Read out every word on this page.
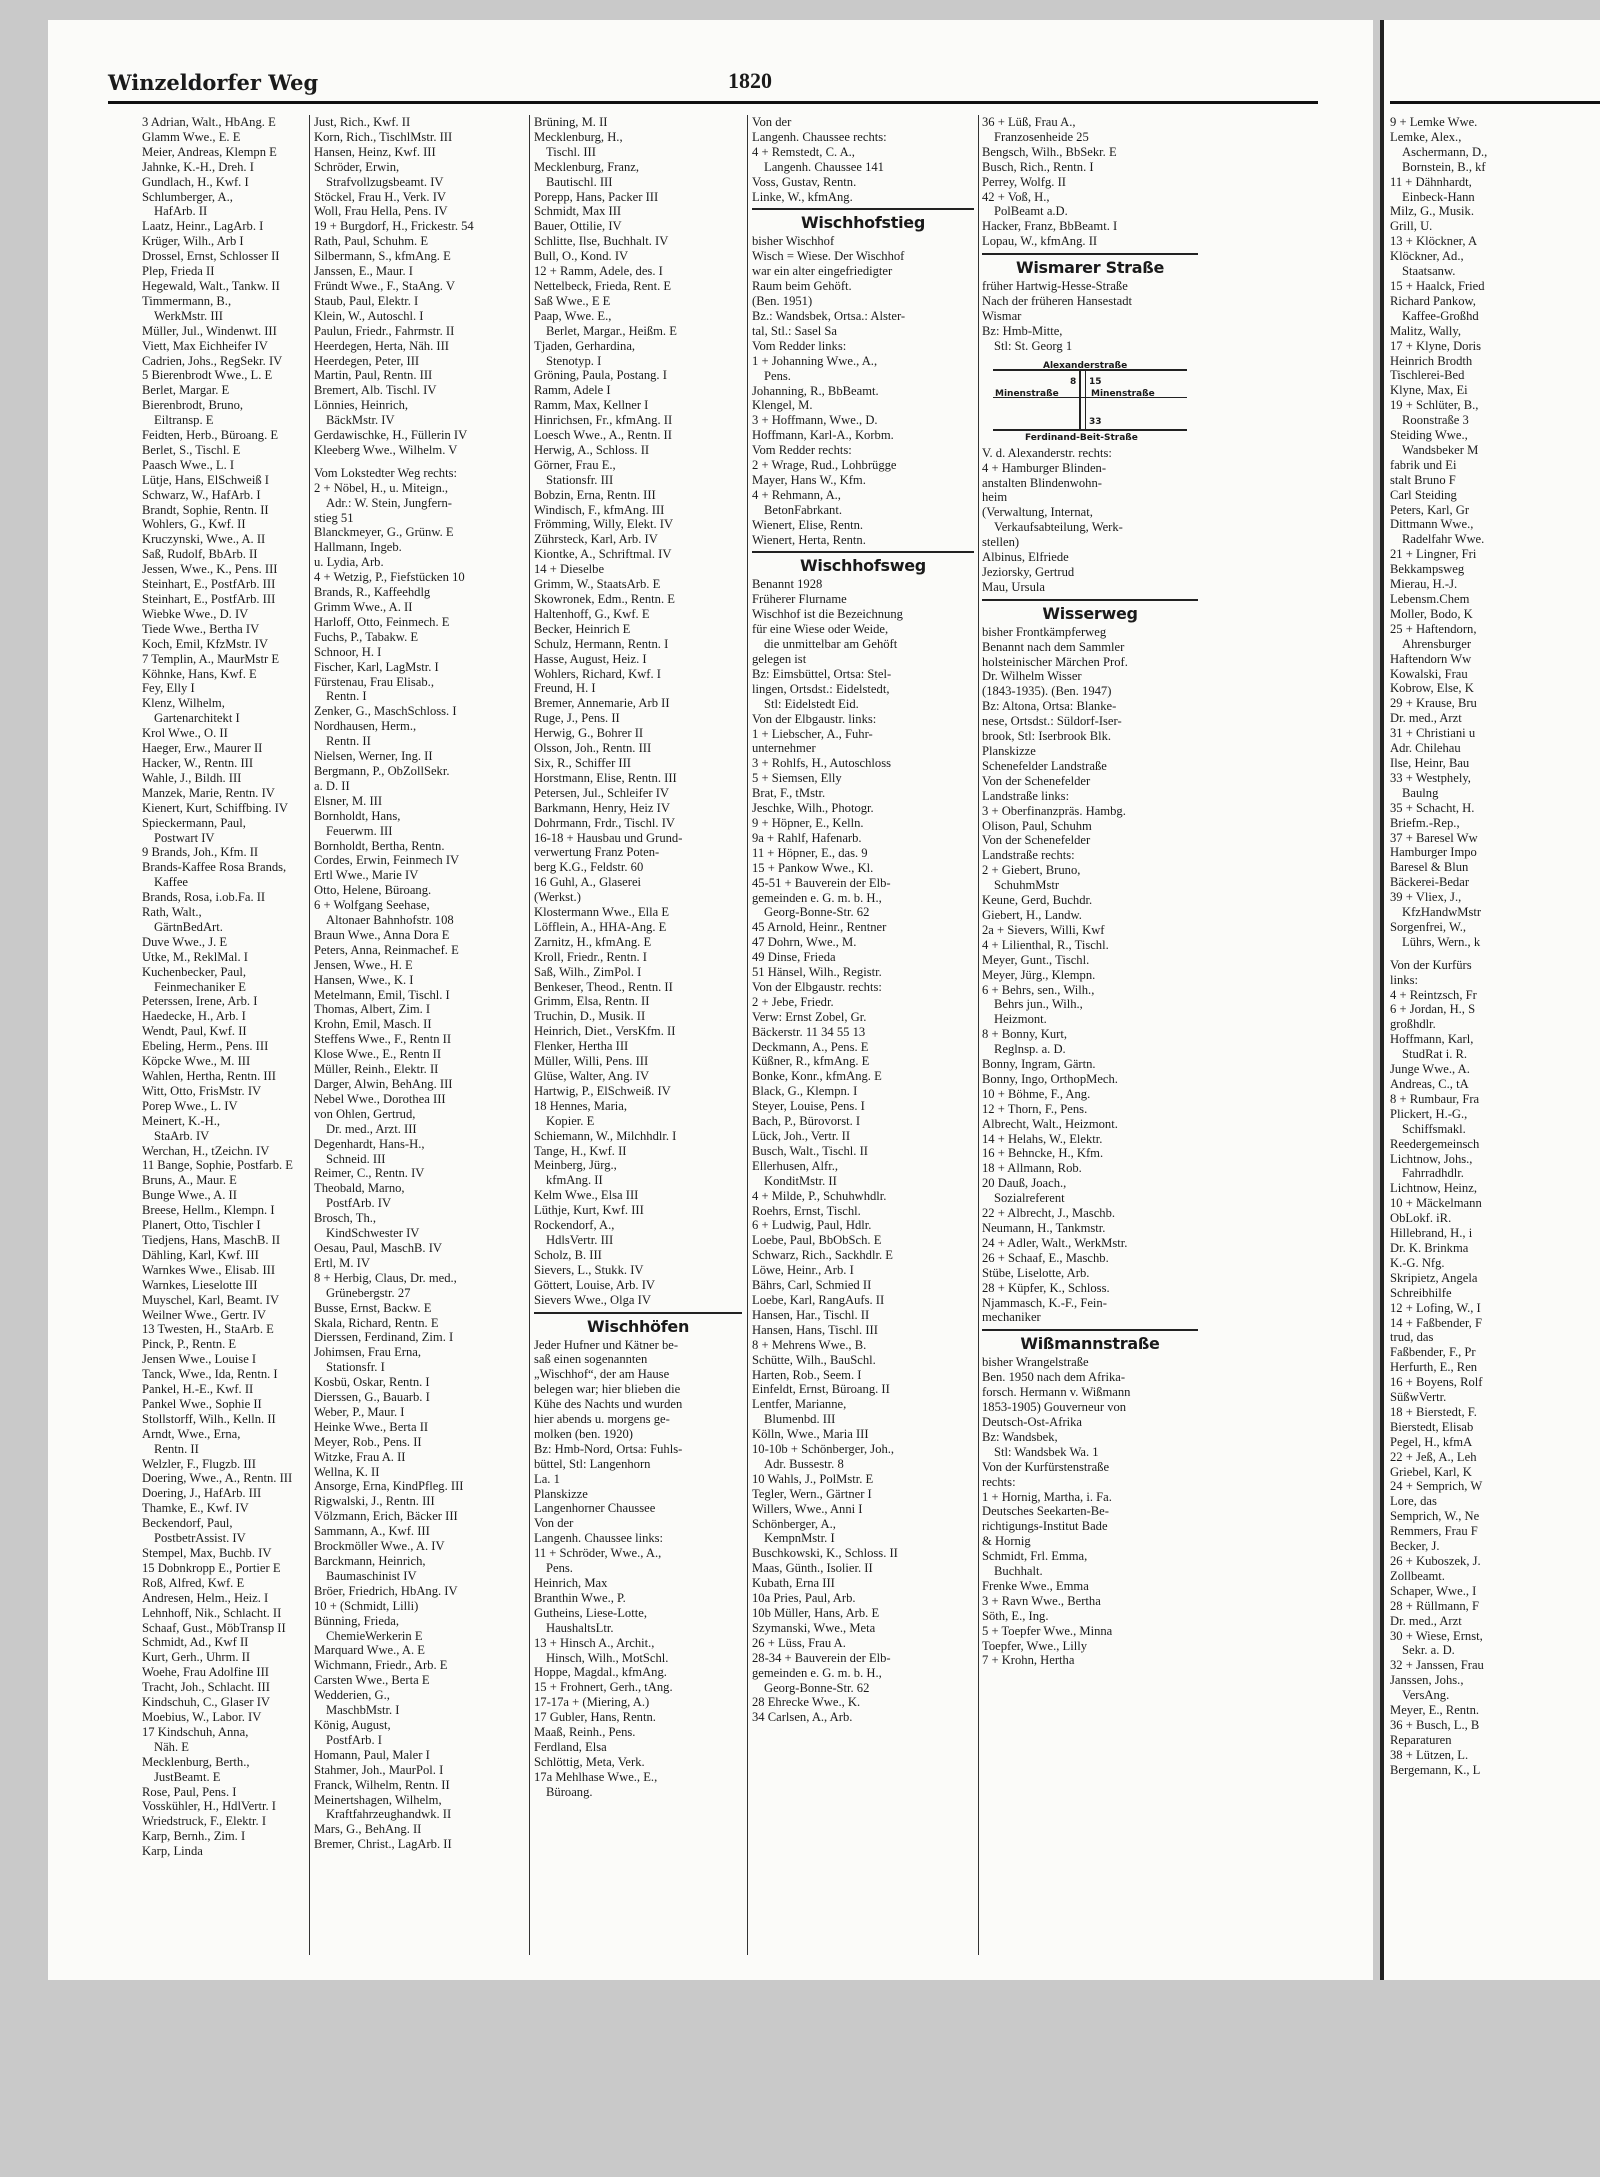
Winzeldorfer Weg	1820
3 Adrian, Walt., HbAng. E
Glamm Wwe., E. E
Meier, Andreas, Klempn E
Jahnke, K.-H., Dreh. I
Gundlach, H., Kwf. I
Schlumberger, A.,
HafArb. II
Laatz, Heinr., LagArb. I
Krüger, Wilh., Arb I
Drossel, Ernst, Schlosser II
Plep, Frieda II
Hegewald, Walt., Tankw. II
Timmermann, B.,
WerkMstr. III
Müller, Jul., Windenwt. III
Viett, Max Eichheifer IV
Cadrien, Johs., RegSekr. IV
5 Bierenbrodt Wwe., L. E
Berlet, Margar. E
Bierenbrodt, Bruno,
Eiltransp. E
Feidten, Herb., Büroang. E
Berlet, S., Tischl. E
Paasch Wwe., L. I
Lütje, Hans, ElSchweiß I
Schwarz, W., HafArb. I
Brandt, Sophie, Rentn. II
Wohlers, G., Kwf. II
Kruczynski, Wwe., A. II
Saß, Rudolf, BbArb. II
Jessen, Wwe., K., Pens. III
Steinhart, E., PostfArb. III
Steinhart, E., PostfArb. III
Wiebke Wwe., D. IV
Tiede Wwe., Bertha IV
Koch, Emil, KfzMstr. IV
7 Templin, A., MaurMstr E
Köhnke, Hans, Kwf. E
Fey, Elly I
Klenz, Wilhelm,
Gartenarchitekt I
Krol Wwe., O. II
Haeger, Erw., Maurer II
Hacker, W., Rentn. III
Wahle, J., Bildh. III
Manzek, Marie, Rentn. IV
Kienert, Kurt, Schiffbing. IV
Spieckermann, Paul,
Postwart IV
9 Brands, Joh., Kfm. II
Brands-Kaffee Rosa Brands,
Kaffee
Brands, Rosa, i.ob.Fa. II
Rath, Walt.,
GärtnBedArt.
Duve Wwe., J. E
Utke, M., ReklMal. I
Kuchenbecker, Paul,
Feinmechaniker E
Peterssen, Irene, Arb. I
Haedecke, H., Arb. I
Wendt, Paul, Kwf. II
Ebeling, Herm., Pens. III
Köpcke Wwe., M. III
Wahlen, Hertha, Rentn. III
Witt, Otto, FrisMstr. IV
Porep Wwe., L. IV
Meinert, K.-H.,
StaArb. IV
Werchan, H., tZeichn. IV
11 Bange, Sophie, Postfarb. E
Bruns, A., Maur. E
Bunge Wwe., A. II
Breese, Hellm., Klempn. I
Planert, Otto, Tischler I
Tiedjens, Hans, MaschB. II
Dähling, Karl, Kwf. III
Warnkes Wwe., Elisab. III
Warnkes, Lieselotte III
Muyschel, Karl, Beamt. IV
Weilner Wwe., Gertr. IV
13 Twesten, H., StaArb. E
Pinck, P., Rentn. E
Jensen Wwe., Louise I
Tanck, Wwe., Ida, Rentn. I
Pankel, H.-E., Kwf. II
Pankel Wwe., Sophie II
Stollstorff, Wilh., Kelln. II
Arndt, Wwe., Erna,
Rentn. II
Welzler, F., Flugzb. III
Doering, Wwe., A., Rentn. III
Doering, J., HafArb. III
Thamke, E., Kwf. IV
Beckendorf, Paul,
PostbetrAssist. IV
Stempel, Max, Buchb. IV
15 Dobnkropp E., Portier E
Roß, Alfred, Kwf. E
Andresen, Helm., Heiz. I
Lehnhoff, Nik., Schlacht. II
Schaaf, Gust., MöbTransp II
Schmidt, Ad., Kwf II
Kurt, Gerh., Uhrm. II
Woehe, Frau Adolfine III
Tracht, Joh., Schlacht. III
Kindschuh, C., Glaser IV
Moebius, W., Labor. IV
17 Kindschuh, Anna,
Näh. E
Mecklenburg, Berth.,
JustBeamt. E
Rose, Paul, Pens. I
Vosskühler, H., HdlVertr. I
Wriedstruck, F., Elektr. I
Karp, Bernh., Zim. I
Karp, Linda
Just, Rich., Kwf. II
Korn, Rich., TischlMstr. III
Hansen, Heinz, Kwf. III
Schröder, Erwin,
Strafvollzugsbeamt. IV
Stöckel, Frau H., Verk. IV
Woll, Frau Hella, Pens. IV
19 + Burgdorf, H., Frickestr. 54
Rath, Paul, Schuhm. E
Silbermann, S., kfmAng. E
Janssen, E., Maur. I
Fründt Wwe., F., StaAng. V
Staub, Paul, Elektr. I
Klein, W., Autoschl. I
Paulun, Friedr., Fahrmstr. II
Heerdegen, Herta, Näh. III
Heerdegen, Peter, III
Martin, Paul, Rentn. III
Bremert, Alb. Tischl. IV
Lönnies, Heinrich,
BäckMstr. IV
Gerdawischke, H., Füllerin IV
Kleeberg Wwe., Wilhelm. V
Vom Lokstedter Weg rechts:
2 + Nöbel, H., u. Miteign.,
Adr.: W. Stein, Jungfern-
stieg 51
Blanckmeyer, G., Grünw. E
Hallmann, Ingeb.
u. Lydia, Arb.
4 + Wetzig, P., Fiefstücken 10
Brands, R., Kaffeehdlg
Grimm Wwe., A. II
Harloff, Otto, Feinmech. E
Fuchs, P., Tabakw. E
Schnoor, H. I
Fischer, Karl, LagMstr. I
Fürstenau, Frau Elisab.,
Rentn. I
Zenker, G., MaschSchloss. I
Nordhausen, Herm.,
Rentn. II
Nielsen, Werner, Ing. II
Bergmann, P., ObZollSekr.
a. D. II
Elsner, M. III
Bornholdt, Hans,
Feuerwm. III
Bornholdt, Bertha, Rentn.
Cordes, Erwin, Feinmech IV
Ertl Wwe., Marie IV
Otto, Helene, Büroang.
6 + Wolfgang Seehase,
Altonaer Bahnhofstr. 108
Braun Wwe., Anna Dora E
Peters, Anna, Reinmachef. E
Jensen, Wwe., H. E
Hansen, Wwe., K. I
Metelmann, Emil, Tischl. I
Thomas, Albert, Zim. I
Krohn, Emil, Masch. II
Steffens Wwe., F., Rentn II
Klose Wwe., E., Rentn II
Müller, Reinh., Elektr. II
Darger, Alwin, BehAng. III
Nebel Wwe., Dorothea III
von Ohlen, Gertrud,
Dr. med., Arzt. III
Degenhardt, Hans-H.,
Schneid. III
Reimer, C., Rentn. IV
Theobald, Marno,
PostfArb. IV
Brosch, Th.,
KindSchwester IV
Oesau, Paul, MaschB. IV
Ertl, M. IV
8 + Herbig, Claus, Dr. med.,
Grünebergstr. 27
Busse, Ernst, Backw. E
Skala, Richard, Rentn. E
Dierssen, Ferdinand, Zim. I
Johimsen, Frau Erna,
Stationsfr. I
Kosbü, Oskar, Rentn. I
Dierssen, G., Bauarb. I
Weber, P., Maur. I
Heinke Wwe., Berta II
Meyer, Rob., Pens. II
Witzke, Frau A. II
Wellna, K. II
Ansorge, Erna, KindPfleg. III
Rigwalski, J., Rentn. III
Völzmann, Erich, Bäcker III
Sammann, A., Kwf. III
Brockmöller Wwe., A. IV
Barckmann, Heinrich,
Baumaschinist IV
Bröer, Friedrich, HbAng. IV
10 + (Schmidt, Lilli)
Bünning, Frieda,
ChemieWerkerin E
Marquard Wwe., A. E
Wichmann, Friedr., Arb. E
Carsten Wwe., Berta E
Wedderien, G.,
MaschbMstr. I
König, August,
PostfArb. I
Homann, Paul, Maler I
Stahmer, Joh., MaurPol. I
Franck, Wilhelm, Rentn. II
Meinertshagen, Wilhelm,
Kraftfahrzeughandwk. II
Mars, G., BehAng. II
Bremer, Christ., LagArb. II
Brüning, M. II
Mecklenburg, H.,
Tischl. III
Mecklenburg, Franz,
Bautischl. III
Porepp, Hans, Packer III
Schmidt, Max III
Bauer, Ottilie, IV
Schlitte, Ilse, Buchhalt. IV
Bull, O., Kond. IV
12 + Ramm, Adele, des. I
Nettelbeck, Frieda, Rent. E
Saß Wwe., E E
Paap, Wwe. E.,
Berlet, Margar., Heißm. E
Tjaden, Gerhardina,
Stenotyp. I
Gröning, Paula, Postang. I
Ramm, Adele I
Ramm, Max, Kellner I
Hinrichsen, Fr., kfmAng. II
Loesch Wwe., A., Rentn. II
Herwig, A., Schloss. II
Görner, Frau E.,
Stationsfr. III
Bobzin, Erna, Rentn. III
Windisch, F., kfmAng. III
Frömming, Willy, Elekt. IV
Zührsteck, Karl, Arb. IV
Kiontke, A., Schriftmal. IV
14 + Dieselbe
Grimm, W., StaatsArb. E
Skowronek, Edm., Rentn. E
Haltenhoff, G., Kwf. E
Becker, Heinrich E
Schulz, Hermann, Rentn. I
Hasse, August, Heiz. I
Wohlers, Richard, Kwf. I
Freund, H. I
Bremer, Annemarie, Arb II
Ruge, J., Pens. II
Herwig, G., Bohrer II
Olsson, Joh., Rentn. III
Six, R., Schiffer III
Horstmann, Elise, Rentn. III
Petersen, Jul., Schleifer IV
Barkmann, Henry, Heiz IV
Dohrmann, Frdr., Tischl. IV
16-18 + Hausbau und Grund-
verwertung Franz Poten-
berg K.G., Feldstr. 60
16 Guhl, A., Glaserei
(Werkst.)
Klostermann Wwe., Ella E
Löfflein, A., HHA-Ang. E
Zarnitz, H., kfmAng. E
Kroll, Friedr., Rentn. I
Saß, Wilh., ZimPol. I
Benkeser, Theod., Rentn. II
Grimm, Elsa, Rentn. II
Truchin, D., Musik. II
Heinrich, Diet., VersKfm. II
Flenker, Hertha III
Müller, Willi, Pens. III
Glüse, Walter, Ang. IV
Hartwig, P., ElSchweiß. IV
18 Hennes, Maria,
Kopier. E
Schiemann, W., Milchhdlr. I
Tange, H., Kwf. II
Meinberg, Jürg.,
kfmAng. II
Kelm Wwe., Elsa III
Lüthje, Kurt, Kwf. III
Rockendorf, A.,
HdlsVertr. III
Scholz, B. III
Sievers, L., Stukk. IV
Göttert, Louise, Arb. IV
Sievers Wwe., Olga IV
Wischhöfen
Jeder Hufner und Kätner be-
saß einen sogenannten
„Wischhof“, der am Hause
belegen war; hier blieben die
Kühe des Nachts und wurden
hier abends u. morgens ge-
molken (ben. 1920)
Bz: Hmb-Nord, Ortsa: Fuhls-
büttel, Stl: Langenhorn
La. 1
Planskizze
Langenhorner Chaussee
Von der
Langenh. Chaussee links:
11 + Schröder, Wwe., A.,
Pens.
Heinrich, Max
Branthin Wwe., P.
Gutheins, Liese-Lotte,
HaushaltsLtr.
13 + Hinsch A., Archit.,
Hinsch, Wilh., MotSchl.
Hoppe, Magdal., kfmAng.
15 + Frohnert, Gerh., tAng.
17-17a + (Miering, A.)
17 Gubler, Hans, Rentn.
Maaß, Reinh., Pens.
Ferdland, Elsa
Schlöttig, Meta, Verk.
17a Mehlhase Wwe., E.,
Büroang.
Von der
Langenh. Chaussee rechts:
4 + Remstedt, C. A.,
Langenh. Chaussee 141
Voss, Gustav, Rentn.
Linke, W., kfmAng.
Wischhofstieg
bisher Wischhof
Wisch = Wiese. Der Wischhof
war ein alter eingefriedigter
Raum beim Gehöft.
(Ben. 1951)
Bz.: Wandsbek, Ortsa.: Alster-
tal, Stl.: Sasel Sa
Vom Redder links:
1 + Johanning Wwe., A.,
Pens.
Johanning, R., BbBeamt.
Klengel, M.
3 + Hoffmann, Wwe., D.
Hoffmann, Karl-A., Korbm.
Vom Redder rechts:
2 + Wrage, Rud., Lohbrügge
Mayer, Hans W., Kfm.
4 + Rehmann, A.,
BetonFabrkant.
Wienert, Elise, Rentn.
Wienert, Herta, Rentn.
Wischhofsweg
Benannt 1928
Früherer Flurname
Wischhof ist die Bezeichnung
für eine Wiese oder Weide,
die unmittelbar am Gehöft
gelegen ist
Bz: Eimsbüttel, Ortsa: Stel-
lingen, Ortsdst.: Eidelstedt,
Stl: Eidelstedt Eid.
Von der Elbgaustr. links:
1 + Liebscher, A., Fuhr-
unternehmer
3 + Rohlfs, H., Autoschloss
5 + Siemsen, Elly
Brat, F., tMstr.
Jeschke, Wilh., Photogr.
9 + Höpner, E., Kelln.
9a + Rahlf, Hafenarb.
11 + Höpner, E., das. 9
15 + Pankow Wwe., Kl.
45-51 + Bauverein der Elb-
gemeinden e. G. m. b. H.,
Georg-Bonne-Str. 62
45 Arnold, Heinr., Rentner
47 Dohrn, Wwe., M.
49 Dinse, Frieda
51 Hänsel, Wilh., Registr.
Von der Elbgaustr. rechts:
2 + Jebe, Friedr.
Verw: Ernst Zobel, Gr.
Bäckerstr. 11 34 55 13
Deckmann, A., Pens. E
Küßner, R., kfmAng. E
Bonke, Konr., kfmAng. E
Black, G., Klempn. I
Steyer, Louise, Pens. I
Bach, P., Bürovorst. I
Lück, Joh., Vertr. II
Busch, Walt., Tischl. II
Ellerhusen, Alfr.,
KonditMstr. II
4 + Milde, P., Schuhwhdlr.
Roehrs, Ernst, Tischl.
6 + Ludwig, Paul, Hdlr.
Loebe, Paul, BbObSch. E
Schwarz, Rich., Sackhdlr. E
Löwe, Heinr., Arb. I
Bährs, Carl, Schmied II
Loebe, Karl, RangAufs. II
Hansen, Har., Tischl. II
Hansen, Hans, Tischl. III
8 + Mehrens Wwe., B.
Schütte, Wilh., BauSchl.
Harten, Rob., Seem. I
Einfeldt, Ernst, Büroang. II
Lentfer, Marianne,
Blumenbd. III
Kölln, Wwe., Maria III
10-10b + Schönberger, Joh.,
Adr. Bussestr. 8
10 Wahls, J., PolMstr. E
Tegler, Wern., Gärtner I
Willers, Wwe., Anni I
Schönberger, A.,
KempnMstr. I
Buschkowski, K., Schloss. II
Maas, Günth., Isolier. II
Kubath, Erna III
10a Pries, Paul, Arb.
10b Müller, Hans, Arb. E
Szymanski, Wwe., Meta
26 + Lüss, Frau A.
28-34 + Bauverein der Elb-
gemeinden e. G. m. b. H.,
Georg-Bonne-Str. 62
28 Ehrecke Wwe., K.
34 Carlsen, A., Arb.
36 + Lüß, Frau A.,
Franzosenheide 25
Bengsch, Wilh., BbSekr. E
Busch, Rich., Rentn. I
Perrey, Wolfg. II
42 + Voß, H.,
PolBeamt a.D.
Hacker, Franz, BbBeamt. I
Lopau, W., kfmAng. II
Wismarer Straße
früher Hartwig-Hesse-Straße
Nach der früheren Hansestadt
Wismar
Bz: Hmb-Mitte,
Stl: St. Georg 1
Alexanderstraße
Minenstraße	Minenstraße
Ferdinand-Beit-Straße
8 15
33
V. d. Alexanderstr. rechts:
4 + Hamburger Blinden-
anstalten Blindenwohn-
heim
(Verwaltung, Internat,
Verkaufsabteilung, Werk-
stellen)
Albinus, Elfriede
Jeziorsky, Gertrud
Mau, Ursula
Wisserweg
bisher Frontkämpferweg
Benannt nach dem Sammler
holsteinischer Märchen Prof.
Dr. Wilhelm Wisser
(1843-1935). (Ben. 1947)
Bz: Altona, Ortsa: Blanke-
nese, Ortsdst.: Süldorf-Iser-
brook, Stl: Iserbrook Blk.
Planskizze
Schenefelder Landstraße
Von der Schenefelder
Landstraße links:
3 + Oberfinanzpräs. Hambg.
Olison, Paul, Schuhm
Von der Schenefelder
Landstraße rechts:
2 + Giebert, Bruno,
SchuhmMstr
Keune, Gerd, Buchdr.
Giebert, H., Landw.
2a + Sievers, Willi, Kwf
4 + Lilienthal, R., Tischl.
Meyer, Gunt., Tischl.
Meyer, Jürg., Klempn.
6 + Behrs, sen., Wilh.,
Behrs jun., Wilh.,
Heizmont.
8 + Bonny, Kurt,
Reglnsp. a. D.
Bonny, Ingram, Gärtn.
Bonny, Ingo, OrthopMech.
10 + Böhme, F., Ang.
12 + Thorn, F., Pens.
Albrecht, Walt., Heizmont.
14 + Helahs, W., Elektr.
16 + Behncke, H., Kfm.
18 + Allmann, Rob.
20 Dauß, Joach.,
Sozialreferent
22 + Albrecht, J., Maschb.
Neumann, H., Tankmstr.
24 + Adler, Walt., WerkMstr.
26 + Schaaf, E., Maschb.
Stübe, Liselotte, Arb.
28 + Küpfer, K., Schloss.
Njammasch, K.-F., Fein-
mechaniker
Wißmannstraße
bisher Wrangelstraße
Ben. 1950 nach dem Afrika-
forsch. Hermann v. Wißmann
1853-1905) Gouverneur von
Deutsch-Ost-Afrika
Bz: Wandsbek,
Stl: Wandsbek Wa. 1
Von der Kurfürstenstraße
rechts:
1 + Hornig, Martha, i. Fa.
Deutsches Seekarten-Be-
richtigungs-Institut Bade
& Hornig
Schmidt, Frl. Emma,
Buchhalt.
Frenke Wwe., Emma
3 + Ravn Wwe., Bertha
Söth, E., Ing.
5 + Toepfer Wwe., Minna
Toepfer, Wwe., Lilly
7 + Krohn, Hertha
9 + Lemke Wwe.
Lemke, Alex.,
Aschermann, D.,
Bornstein, B., kf
11 + Dähnhardt,
Einbeck-Hann
Milz, G., Musik.
Grill, U.
13 + Klöckner, A
Klöckner, Ad.,
Staatsanw.
15 + Haalck, Fried
Richard Pankow,
Kaffee-Großhd
Malitz, Wally,
17 + Klyne, Doris
Heinrich Brodth
Tischlerei-Bed
Klyne, Max, Ei
19 + Schlüter, B.,
Roonstraße 3
Steiding Wwe.,
Wandsbeker M
fabrik und Ei
stalt Bruno F
Carl Steiding
Peters, Karl, Gr
Dittmann Wwe.,
Radelfahr Wwe.
21 + Lingner, Fri
Bekkampsweg
Mierau, H.-J.
Lebensm.Chem
Moller, Bodo, K
25 + Haftendorn,
Ahrensburger
Haftendorn Ww
Kowalski, Frau
Kobrow, Else, K
29 + Krause, Bru
Dr. med., Arzt
31 + Christiani u
Adr. Chilehau
Ilse, Heinr, Bau
33 + Westphely,
Baulng
35 + Schacht, H.
Briefm.-Rep.,
37 + Baresel Ww
Hamburger Impo
Baresel & Blun
Bäckerei-Bedar
39 + Vliex, J.,
KfzHandwMstr
Sorgenfrei, W.,
Lührs, Wern., k
Von der Kurfürs
links:
4 + Reintzsch, Fr
6 + Jordan, H., S
großhdlr.
Hoffmann, Karl,
StudRat i. R.
Junge Wwe., A.
Andreas, C., tA
8 + Rumbaur, Fra
Plickert, H.-G.,
Schiffsmakl.
Reedergemeinsch
Lichtnow, Johs.,
Fahrradhdlr.
Lichtnow, Heinz,
10 + Mäckelmann
ObLokf. iR.
Hillebrand, H., i
Dr. K. Brinkma
K.-G. Nfg.
Skripietz, Angela
Schreibhilfe
12 + Lofing, W., I
14 + Faßbender, F
trud, das
Faßbender, F., Pr
Herfurth, E., Ren
16 + Boyens, Rolf
SüßwVertr.
18 + Bierstedt, F.
Bierstedt, Elisab
Pegel, H., kfmA
22 + Jeß, A., Leh
Griebel, Karl, K
24 + Semprich, W
Lore, das
Semprich, W., Ne
Remmers, Frau F
Becker, J.
26 + Kuboszek, J.
Zollbeamt.
Schaper, Wwe., I
28 + Rüllmann, F
Dr. med., Arzt
30 + Wiese, Ernst,
Sekr. a. D.
32 + Janssen, Frau
Janssen, Johs.,
VersAng.
Meyer, E., Rentn.
36 + Busch, L., B
Reparaturen
38 + Lützen, L.
Bergemann, K., L
